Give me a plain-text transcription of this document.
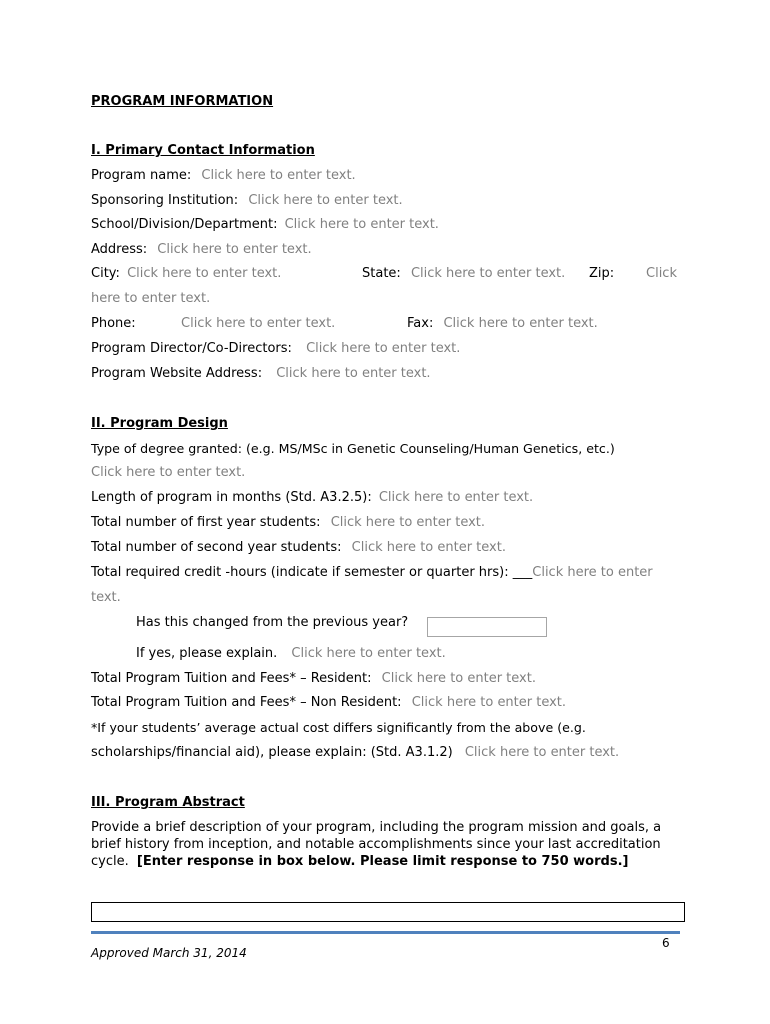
PROGRAM INFORMATION
I. Primary Contact Information
Program name: Click here to enter text.
Sponsoring Institution: Click here to enter text.
School/Division/Department: Click here to enter text.
Address: Click here to enter text.
City: Click here to enter text.	State: Click here to enter text. Zip: Click
here to enter text.
Phone:	Click here to enter text.	Fax: Click here to enter text.
Program Director/Co-Directors: Click here to enter text.
Program Website Address: Click here to enter text.
II. Program Design
Type of degree granted: (e.g. MS/MSc in Genetic Counseling/Human Genetics, etc.)
Click here to enter text.
Length of program in months (Std. A3.2.5): Click here to enter text.
Total number of first year students: Click here to enter text.
Total number of second year students: Click here to enter text.
Total required credit -hours (indicate if semester or quarter hrs): ___Click here to enter
text.
Has this changed from the previous year?
If yes, please explain. Click here to enter text.
Total Program Tuition and Fees* – Resident: Click here to enter text.
Total Program Tuition and Fees* – Non Resident: Click here to enter text.
*If your students’ average actual cost differs significantly from the above (e.g.
scholarships/financial aid), please explain: (Std. A3.1.2) Click here to enter text.
III. Program Abstract
Provide a brief description of your program, including the program mission and goals, a brief history from inception, and notable accomplishments since your last accreditation cycle. [Enter response in box below. Please limit response to 750 words.]
6
Approved March 31, 2014
